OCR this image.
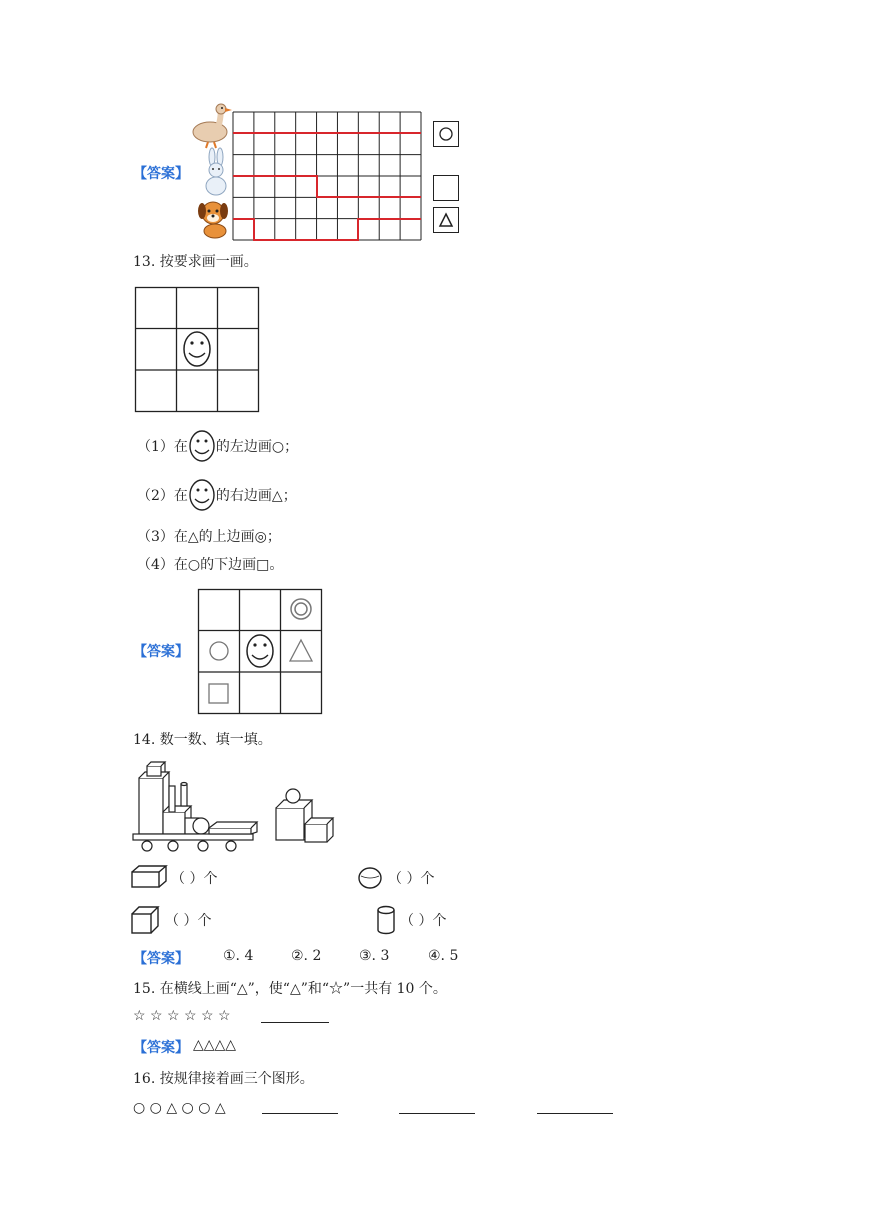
【答案】
13. 按要求画一画。
（1）在 的左边画○；
（2）在 的右边画△；
（3）在△的上边画◎；
（4）在○的下边画□。
【答案】
14. 数一数、填一填。
（ ）个	（ ）个
（ ）个	（ ）个
【答案】 ①. 4	②. 2	③. 3	④. 5
15. 在横线上画“△”，使“△”和“☆”一共有 10 个。
☆ ☆ ☆ ☆ ☆ ☆
【答案】 △△△△
16. 按规律接着画三个图形。
○ ○ △ ○ ○ △
